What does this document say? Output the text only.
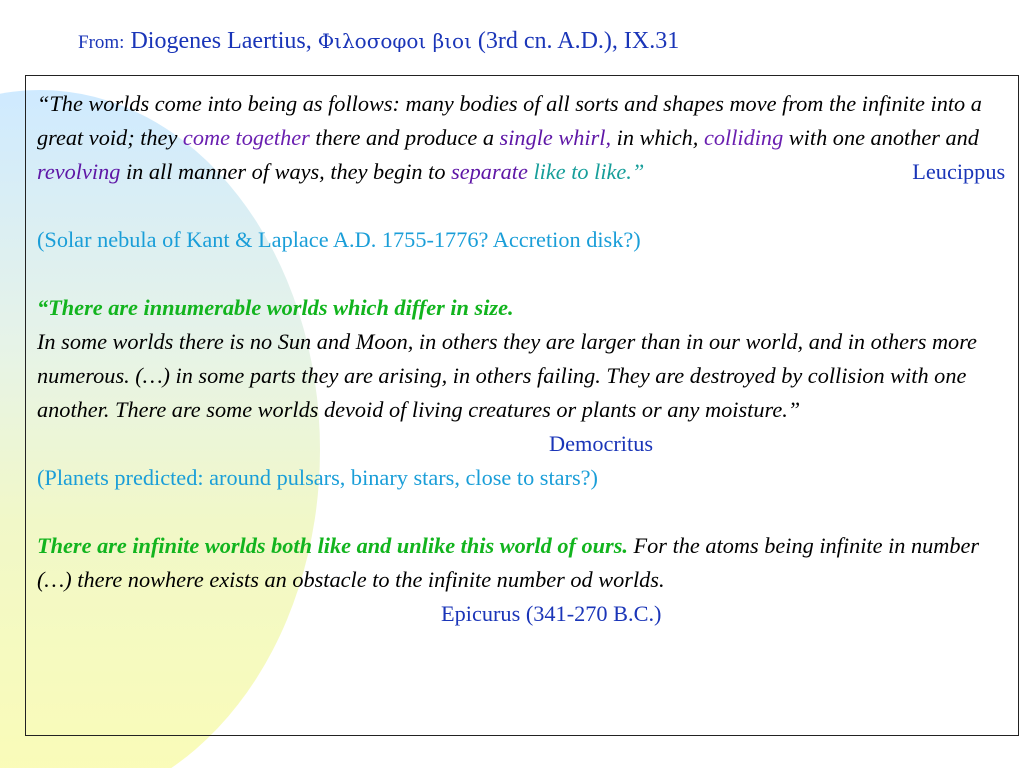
From: Diogenes Laertius, Φιλοσοφοι βιοι (3rd cn. A.D.), IX.31

“The worlds come into being as follows: many bodies of all sorts and shapes move from the infinite into a great void; they come together there and produce a single whirl, in which, colliding with one another and revolving in all manner of ways, they begin to separate like to like.”	Leucippus

(Solar nebula of Kant & Laplace A.D. 1755-1776? Accretion disk?)

“There are innumerable worlds which differ in size.

In some worlds there is no Sun and Moon, in others they are larger than in our world, and in others more numerous. (…) in some parts they are arising, in others failing. They are destroyed by collision with one another. There are some worlds devoid of living creatures or plants or any moisture.”

Democritus

(Planets predicted: around pulsars, binary stars, close to stars?)

There are infinite worlds both like and unlike this world of ours. For the atoms being infinite in number (…) there nowhere exists an obstacle to the infinite number od worlds.Epicurus (341-270 B.C.)
